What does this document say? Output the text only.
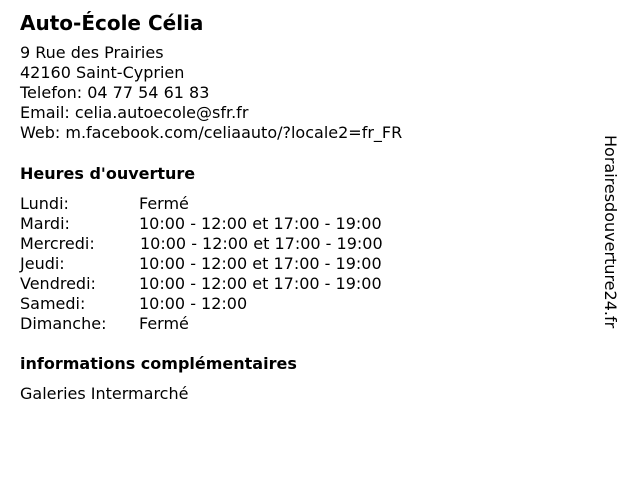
Auto-École Célia
9 Rue des Prairies
42160 Saint-Cyprien
Telefon: 04 77 54 61 83
Email: celia.autoecole@sfr.fr
Web: m.facebook.com/celiaauto/?locale2=fr_FR
Heures d'ouverture
Lundi:	Fermé
Mardi:	10:00 - 12:00 et 17:00 - 19:00
Mercredi:	10:00 - 12:00 et 17:00 - 19:00
Jeudi:	10:00 - 12:00 et 17:00 - 19:00
Vendredi:	10:00 - 12:00 et 17:00 - 19:00
Samedi:	10:00 - 12:00
Dimanche: Fermé
informations complémentaires
Galeries Intermarché
Horairesdouverture24.fr
